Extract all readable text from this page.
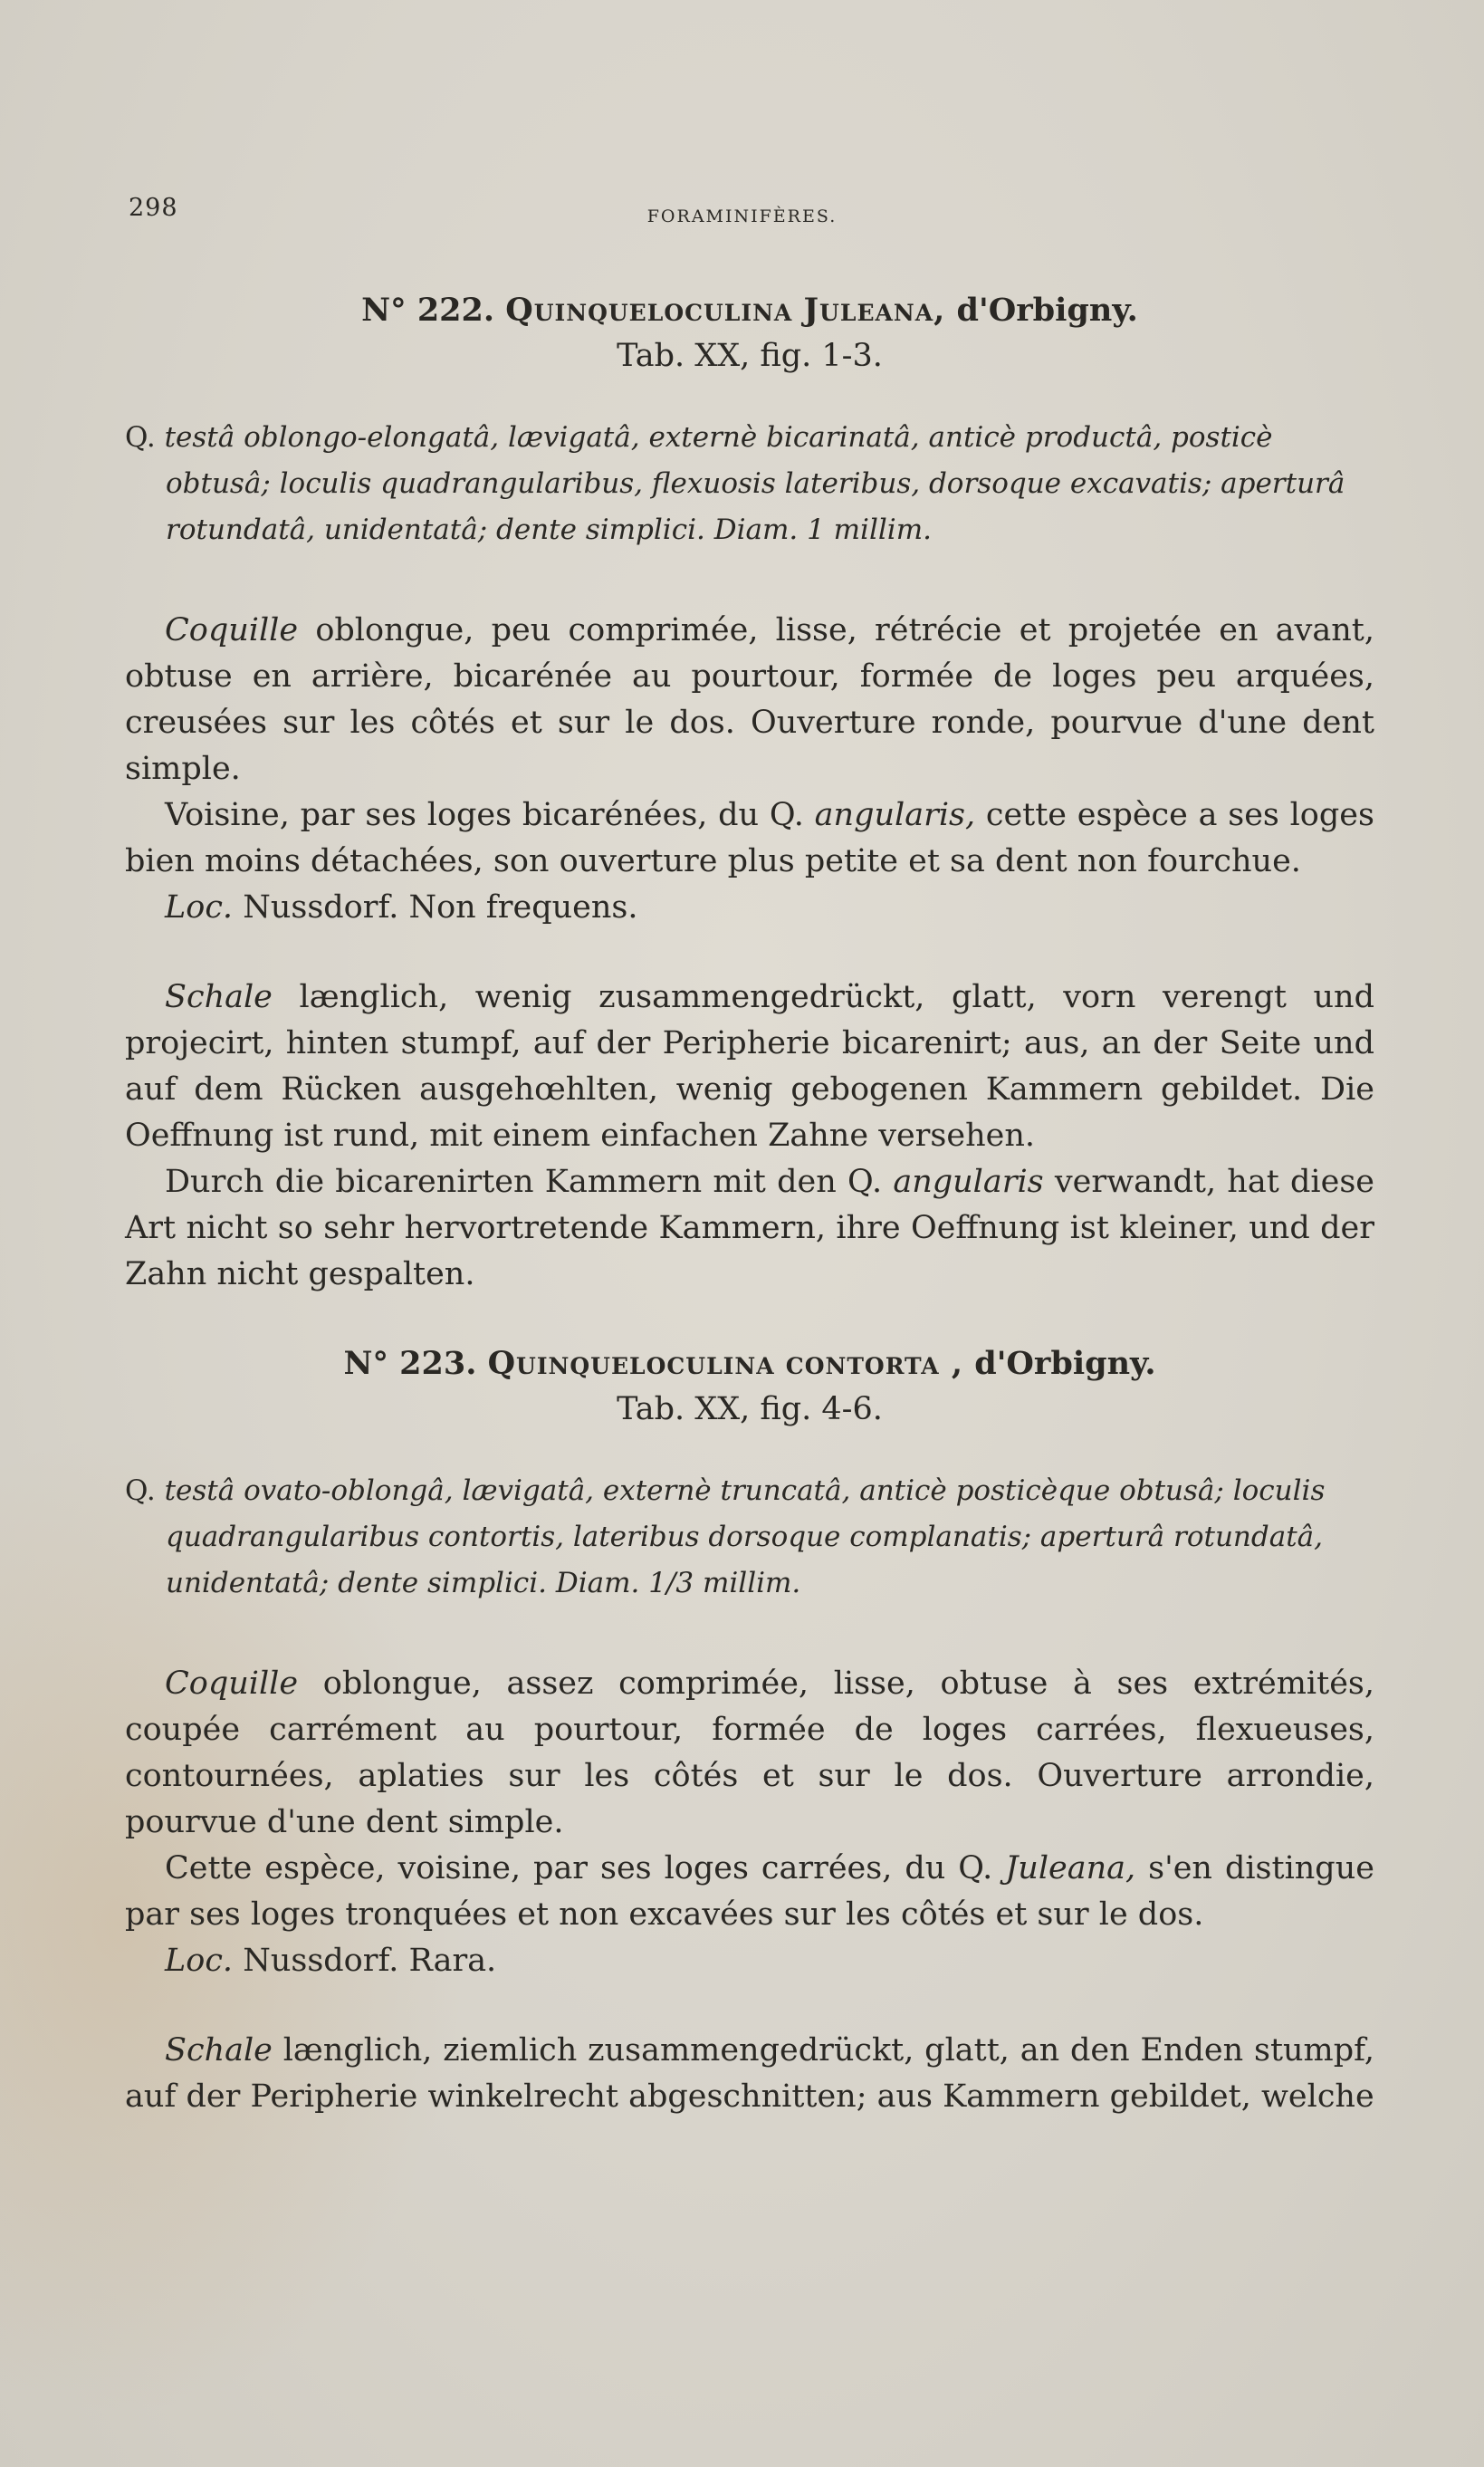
298	FORAMINIFÈRES.
N° 222. Quinqueloculina Juleana, d'Orbigny.
Tab. XX, fig. 1-3.

Q. testâ oblongo-elongatâ, lævigatâ, externè bicarinatâ, anticè productâ, posticè obtusâ; loculis quadrangularibus, flexuosis lateribus, dorsoque excavatis; aperturâ rotundatâ, unidentatâ; dente simplici. Diam. 1 millim.

Coquille oblongue, peu comprimée, lisse, rétrécie et projetée en avant, obtuse en arrière, bicarénée au pourtour, formée de loges peu arquées, creusées sur les côtés et sur le dos. Ouverture ronde, pourvue d'une dent simple.

Voisine, par ses loges bicarénées, du Q. angularis, cette espèce a ses loges bien moins détachées, son ouverture plus petite et sa dent non fourchue.

Loc. Nussdorf. Non frequens.

Schale længlich, wenig zusammengedrückt, glatt, vorn verengt und projecirt, hinten stumpf, auf der Peripherie bicarenirt; aus, an der Seite und auf dem Rücken ausgehœhlten, wenig gebogenen Kammern gebildet. Die Oeffnung ist rund, mit einem einfachen Zahne versehen.

Durch die bicarenirten Kammern mit den Q. angularis verwandt, hat diese Art nicht so sehr hervortretende Kammern, ihre Oeffnung ist kleiner, und der Zahn nicht gespalten.

N° 223. Quinqueloculina contorta , d'Orbigny.
Tab. XX, fig. 4-6.

Q. testâ ovato-oblongâ, lævigatâ, externè truncatâ, anticè posticèque obtusâ; loculis quadrangularibus contortis, lateribus dorsoque complanatis; aperturâ rotundatâ, unidentatâ; dente simplici. Diam. 1/3 millim.

Coquille oblongue, assez comprimée, lisse, obtuse à ses extrémités, coupée carrément au pourtour, formée de loges carrées, flexueuses, contournées, aplaties sur les côtés et sur le dos. Ouverture arrondie, pourvue d'une dent simple.

Cette espèce, voisine, par ses loges carrées, du Q. Juleana, s'en distingue par ses loges tronquées et non excavées sur les côtés et sur le dos.

Loc. Nussdorf. Rara.

Schale længlich, ziemlich zusammengedrückt, glatt, an den Enden stumpf, auf der Peripherie winkelrecht abgeschnitten; aus Kammern gebildet, welche
